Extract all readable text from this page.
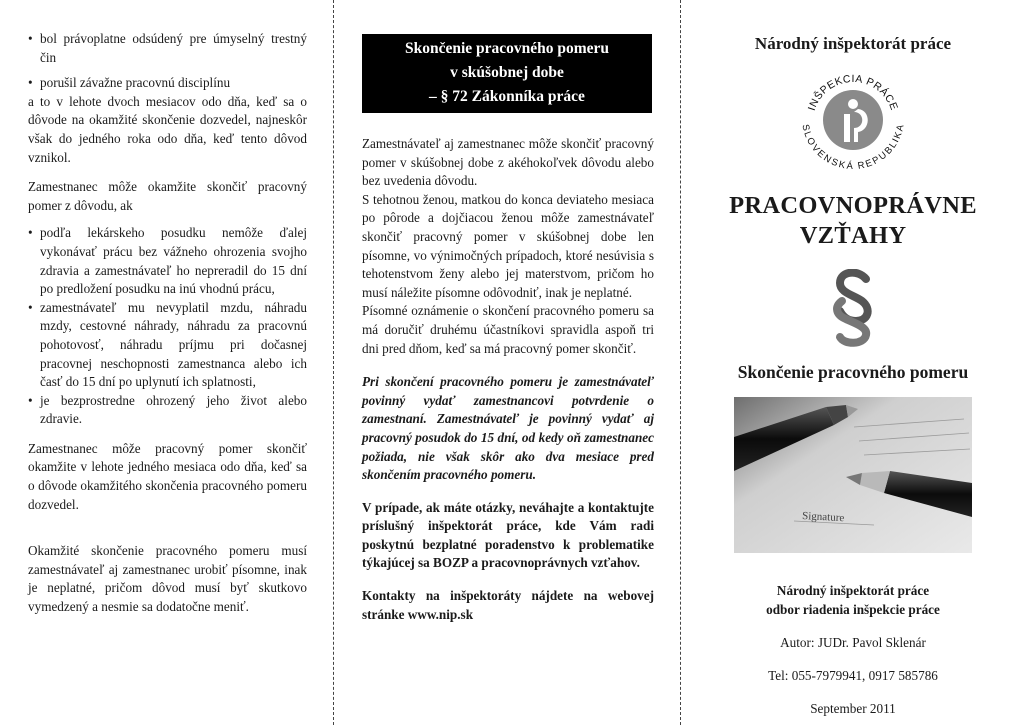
• bol právoplatne odsúdený pre úmyselný trestný čin
• porušil závažne pracovnú disciplínu

a to v lehote dvoch mesiacov odo dňa, keď sa o dôvode na okamžité skončenie dozvedel, najneskôr však do jedného roka odo dňa, keď tento dôvod vznikol.

Zamestnanec môže okamžite skončiť pracovný pomer z dôvodu, ak

• podľa lekárskeho posudku nemôže ďalej vykonávať prácu bez vážneho ohrozenia svojho zdravia a zamestnávateľ ho nepreradil do 15 dní po predložení posudku na inú vhodnú prácu,
• zamestnávateľ mu nevyplatil mzdu, náhradu mzdy, cestovné náhrady, náhradu za pracovnú pohotovosť, náhradu príjmu pri dočasnej pracovnej neschopnosti zamestnanca alebo ich časť do 15 dní po uplynutí ich splatnosti,
• je bezprostredne ohrozený jeho život alebo zdravie.

Zamestnanec môže pracovný pomer skončiť okamžite v lehote jedného mesiaca odo dňa, keď sa o dôvode okamžitého skončenia pracovného pomeru dozvedel.

Okamžité skončenie pracovného pomeru musí zamestnávateľ aj zamestnanec urobiť písomne, inak je neplatné, pričom dôvod musí byť skutkovo vymedzený a nesmie sa dodatočne meniť.

Skončenie pracovného pomeru
v skúšobnej dobe
– § 72 Zákonníka práce

Zamestnávateľ aj zamestnanec môže skončiť pracovný pomer v skúšobnej dobe z akéhokoľvek dôvodu alebo bez uvedenia dôvodu.

S tehotnou ženou, matkou do konca deviateho mesiaca po pôrode a dojčiacou ženou môže zamestnávateľ skončiť pracovný pomer v skúšobnej dobe len písomne, vo výnimočných prípadoch, ktoré nesúvisia s tehotenstvom ženy alebo jej materstvom, pričom ho musí náležite písomne odôvodniť, inak je neplatné.

Písomné oznámenie o skončení pracovného pomeru sa má doručiť druhému účastníkovi spravidla aspoň tri dni pred dňom, keď sa má pracovný pomer skončiť.

Pri skončení pracovného pomeru je zamestnávateľ povinný vydať zamestnancovi potvrdenie o zamestnaní. Zamestnávateľ je povinný vydať aj pracovný posudok do 15 dní, od kedy oň zamestnanec požiada, nie však skôr ako dva mesiace pred skončením pracovného pomeru.

V prípade, ak máte otázky, neváhajte a kontaktujte príslušný inšpektorát práce, kde Vám radi poskytnú bezplatné poradenstvo k problematike týkajúcej sa BOZP a pracovnoprávnych vzťahov.

Kontakty na inšpektoráty nájdete na webovej stránke www.nip.sk

Národný inšpektorát práce
INŠPEKCIA PRÁCE
SLOVENSKÁ REPUBLIKA
PRACOVNOPRÁVNE
VZŤAHY
Skončenie pracovného pomeru
Signature
Národný inšpektorát práce
odbor riadenia inšpekcie práce
Autor: JUDr. Pavol Sklenár
Tel: 055-7979941, 0917 585786
September 2011
